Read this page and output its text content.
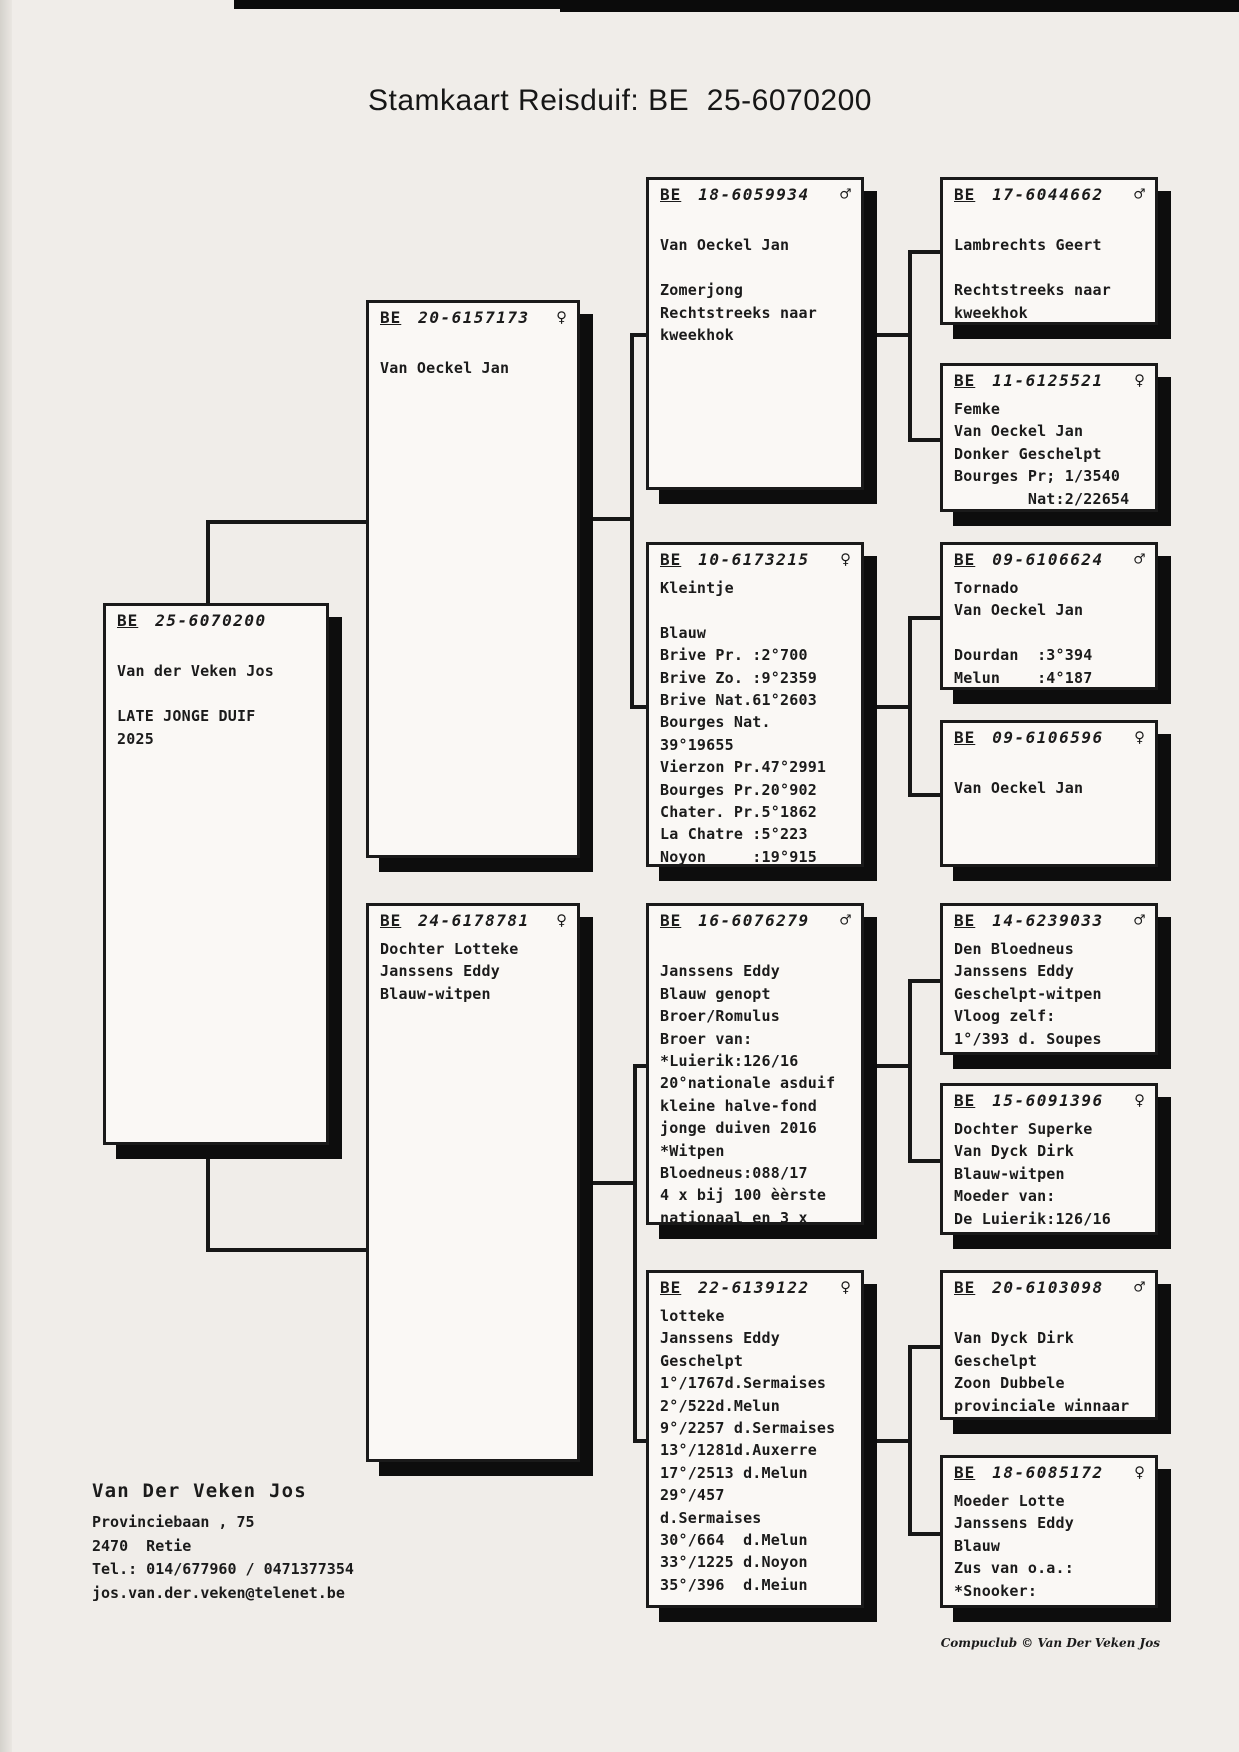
Stamkaart Reisduif: BE  25-6070200
BE 25-6070200
Van der Veken Jos
LATE JONGE DUIF
2025
BE 20-6157173 ♀
Van Oeckel Jan
BE 24-6178781 ♀
Dochter Lotteke
Janssens Eddy
Blauw-witpen
BE 18-6059934 ♂
Van Oeckel Jan
Zomerjong
Rechtstreeks naar
kweekhok
BE 10-6173215 ♀
Kleintje
Blauw
Brive Pr. :2°700
Brive Zo. :9°2359
Brive Nat.61°2603
Bourges Nat.
39°19655
Vierzon Pr.47°2991
Bourges Pr.20°902
Chater. Pr.5°1862
La Chatre :5°223
Noyon     :19°915
BE 16-6076279 ♂
Janssens Eddy
Blauw genopt
Broer/Romulus
Broer van:
*Luierik:126/16
20°nationale asduif
kleine halve-fond
jonge duiven 2016
*Witpen
Bloedneus:088/17
4 x bij 100 èèrste
nationaal en 3 x
BE 22-6139122 ♀
lotteke
Janssens Eddy
Geschelpt
1°/1767d.Sermaises
2°/522d.Melun
9°/2257 d.Sermaises
13°/1281d.Auxerre
17°/2513 d.Melun
29°/457
d.Sermaises
30°/664  d.Melun
33°/1225 d.Noyon
35°/396  d.Meiun
BE 17-6044662 ♂
Lambrechts Geert
Rechtstreeks naar
kweekhok
BE 11-6125521 ♀
Femke
Van Oeckel Jan
Donker Geschelpt
Bourges Pr; 1/3540
Nat:2/22654
BE 09-6106624 ♂
Tornado
Van Oeckel Jan
Dourdan  :3°394
Melun    :4°187
BE 09-6106596 ♀
Van Oeckel Jan
BE 14-6239033 ♂
Den Bloedneus
Janssens Eddy
Geschelpt-witpen
Vloog zelf:
1°/393 d. Soupes
BE 15-6091396 ♀
Dochter Superke
Van Dyck Dirk
Blauw-witpen
Moeder van:
De Luierik:126/16
BE 20-6103098 ♂
Van Dyck Dirk
Geschelpt
Zoon Dubbele
provinciale winnaar
BE 18-6085172 ♀
Moeder Lotte
Janssens Eddy
Blauw
Zus van o.a.:
*Snooker:
Van Der Veken Jos
Provinciebaan , 75
2470  Retie
Tel.: 014/677960 / 0471377354
jos.van.der.veken@telenet.be
Compuclub © Van Der Veken Jos
